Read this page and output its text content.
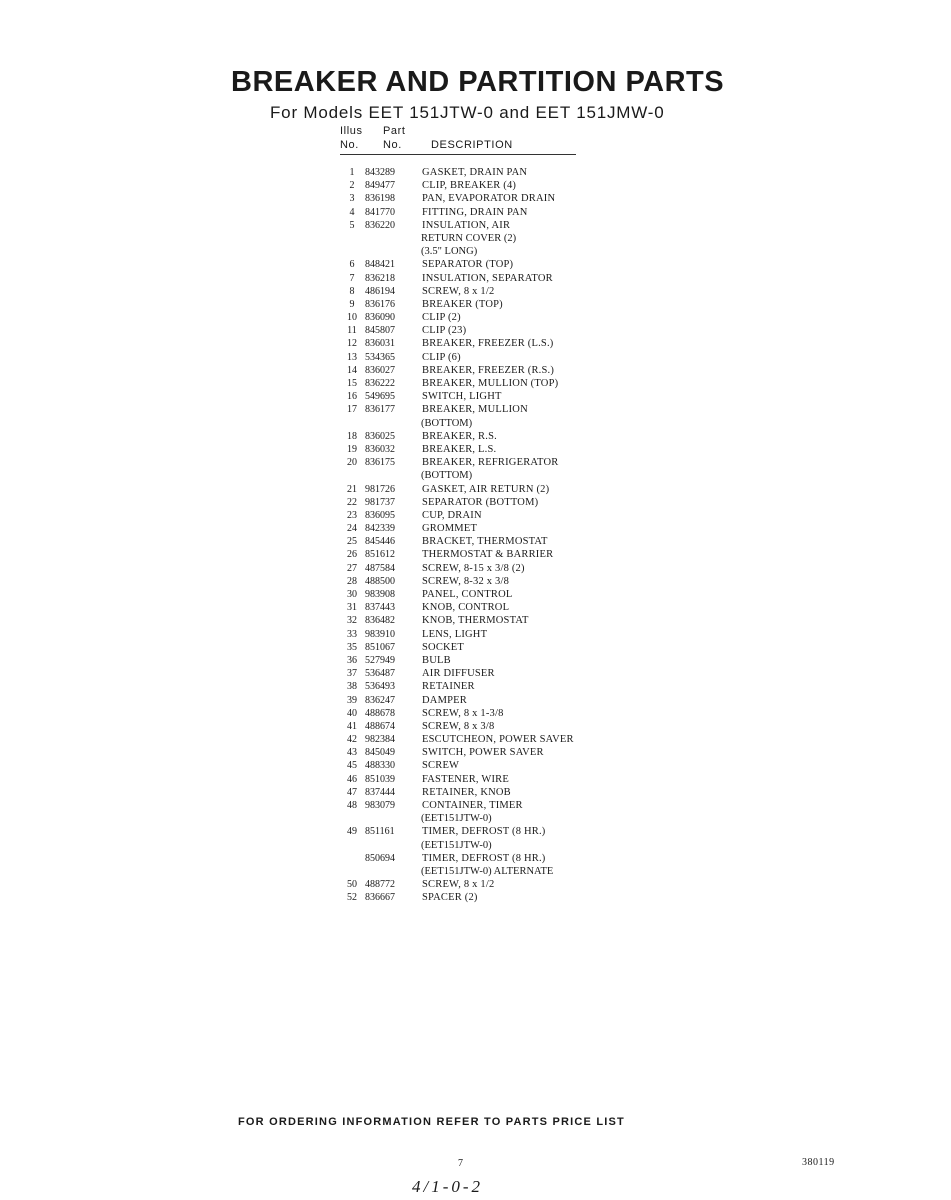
BREAKER AND PARTITION PARTS
For Models EET 151JTW-0 and EET 151JMW-0
Illus	Part
No.	No.	DESCRIPTION
1	843289	GASKET, DRAIN PAN
2	849477	CLIP, BREAKER (4)
3	836198	PAN, EVAPORATOR DRAIN
4	841770	FITTING, DRAIN PAN
5	836220	INSULATION, AIR
RETURN COVER (2)
(3.5" LONG)
6	848421	SEPARATOR (TOP)
7	836218	INSULATION, SEPARATOR
8	486194	SCREW, 8 x 1/2
9	836176	BREAKER (TOP)
10 836090	CLIP (2)
11 845807	CLIP (23)
12 836031	BREAKER, FREEZER (L.S.)
13 534365	CLIP (6)
14 836027	BREAKER, FREEZER (R.S.)
15 836222	BREAKER, MULLION (TOP)
16 549695	SWITCH, LIGHT
17 836177	BREAKER, MULLION
(BOTTOM)
18 836025	BREAKER, R.S.
19 836032	BREAKER, L.S.
20 836175	BREAKER, REFRIGERATOR
(BOTTOM)
21 981726	GASKET, AIR RETURN (2)
22 981737	SEPARATOR (BOTTOM)
23 836095	CUP, DRAIN
24 842339	GROMMET
25 845446	BRACKET, THERMOSTAT
26 851612	THERMOSTAT & BARRIER
27 487584	SCREW, 8-15 x 3/8 (2)
28 488500	SCREW, 8-32 x 3/8
30 983908	PANEL, CONTROL
31 837443	KNOB, CONTROL
32 836482	KNOB, THERMOSTAT
33 983910	LENS, LIGHT
35 851067	SOCKET
36 527949	BULB
37 536487	AIR DIFFUSER
38 536493	RETAINER
39 836247	DAMPER
40 488678	SCREW, 8 x 1-3/8
41 488674	SCREW, 8 x 3/8
42 982384	ESCUTCHEON, POWER SAVER
43 845049	SWITCH, POWER SAVER
45 488330	SCREW
46 851039	FASTENER, WIRE
47 837444	RETAINER, KNOB
48 983079	CONTAINER, TIMER
(EET151JTW-0)
49 851161	TIMER, DEFROST (8 HR.)
(EET151JTW-0)
850694	TIMER, DEFROST (8 HR.)
(EET151JTW-0) ALTERNATE
50 488772	SCREW, 8 x 1/2
52 836667	SPACER (2)
FOR ORDERING INFORMATION REFER TO PARTS PRICE LIST
7	380119
4/1-0-2
